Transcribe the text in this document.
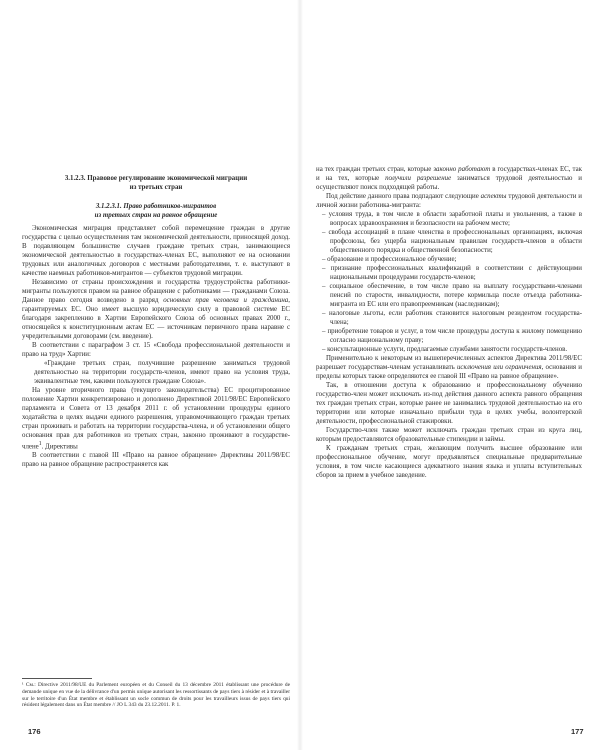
3.1.2.3. Правовое регулирование экономической миграции
из третьих стран

3.1.2.3.1. Право работников-мигрантов

из третьих стран на равное обращение

Экономическая миграция представляет собой перемещение граждан в другие государства с целью осуществления там экономической деятельности, приносящей доход. В подавляющем большинстве случаев граждане третьих стран, занимающиеся экономической деятельностью в государствах-членах ЕС, выполняют ее на основании трудовых или аналогичных договоров с местными работодателями, т. е. выступают в качестве наемных работников-мигрантов — субъектов трудовой миграции.

Независимо от страны происхождения и государства трудоустройства работники-мигранты пользуются правом на равное обращение с работниками — гражданами Союза. Данное право сегодня возведено в разряд основных прав человека и гражданина, гарантируемых ЕС. Оно имеет высшую юридическую силу в правовой системе ЕС благодаря закреплению в Хартии Европейского Союза об основных правах 2000 г., относящейся к конституционным актам ЕС — источникам первичного права наравне с учредительными договорами (см. введение).

В соответствии с параграфом 3 ст. 15 «Свобода профессиональной деятельности и право на труд» Хартии:

«Граждане третьих стран, получившие разрешение заниматься трудовой деятельностью на территории государств-членов, имеют право на условия труда, эквивалентные тем, какими пользуются граждане Союза».

На уровне вторичного права (текущего законодательства) ЕС процитированное положение Хартии конкретизировано и дополнено Директивой 2011/98/ЕС Европейского парламента и Совета от 13 декабря 2011 г. об установлении процедуры единого ходатайства в целях выдачи единого разрешения, управомочивающего граждан третьих стран проживать и работать на территории государства-члена, и об установлении общего основания прав для работников из третьих стран, законно проживают в государстве-члене$^1$. Директивы

В соответствии с главой III «Право на равное обращение» Директивы 2011/98/ЕС право на равное обращение распространяется как

¹ См.: Directive 2011/98/UE du Parlement européen et du Conseil du 13 décembre 2011 établissant une procédure de demande unique en vue de la délivrance d'un permis unique autorisant les ressortissants de pays tiers à résider et à travailler sur le territoire d'un État membre et établissant un socle commun de droits pour les travailleurs issus de pays tiers qui résident légalement dans un État membre // JO L 343 du 23.12.2011. P. 1.

на тех граждан третьих стран, которые законно работают в государствах-членах ЕС, так и на тех, которые получили разрешение заниматься трудовой деятельностью и осуществляют поиск подходящей работы.

Под действие данного права подпадают следующие аспекты трудовой деятельности и личной жизни работника-мигранта:

– условия труда, в том числе в области заработной платы и увольнения, а также в вопросах здравоохранения и безопасности на рабочем месте;

– свобода ассоциаций в плане членства в профессиональных организациях, включая профсоюзы, без ущерба национальным правилам государств-членов в области общественного порядка и общественной безопасности;

– образование и профессиональное обучение;

– признание профессиональных квалификаций в соответствии с действующими национальными процедурами государств-членов;

– социальное обеспечение, в том числе право на выплату государствами-членами пенсий по старости, инвалидности, потере кормильца после отъезда работника-мигранта из ЕС или его правопреемникам (наследникам);

– налоговые льготы, если работник становится налоговым резидентом государства-члена;

– приобретение товаров и услуг, в том числе процедуры доступа к жилому помещению согласно национальному праву;

– консультационные услуги, предлагаемые службами занятости государств-членов.

Применительно к некоторым из вышеперечисленных аспектов Директива 2011/98/ЕС разрешает государствам-членам устанавливать исключения или ограничения, основания и пределы которых также определяются ее главой III «Право на равное обращение».

Так, в отношении доступа к образованию и профессиональному обучению государство-член может исключать из-под действия данного аспекта равного обращения тех граждан третьих стран, которые ранее не занимались трудовой деятельностью на его территории или которые изначально прибыли туда в целях учебы, волонтерской деятельности, профессиональной стажировки.

Государство-член также может исключать граждан третьих стран из круга лиц, которым предоставляются образовательные стипендии и займы.

К гражданам третьих стран, желающим получить высшее образование или профессиональное обучение, могут предъявляться специальные предварительные условия, в том числе касающиеся адекватного знания языка и уплаты вступительных сборов за прием в учебное заведение.

176	177
